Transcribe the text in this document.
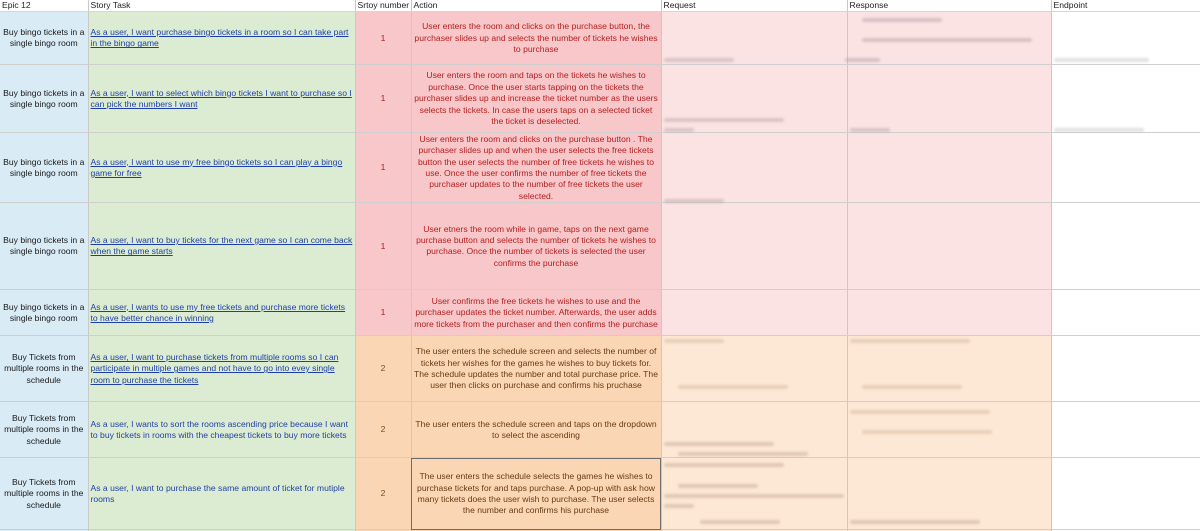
Epic 12	Story Task	Srtoy number	Action	Request	Response	Endpoint
Buy bingo tickets in a single bingo room	As a user, I want purchase bingo tickets in a room so I can take part in the bingo game	1	User enters the room and clicks on the purchase button, the purchaser slides up and selects the number of tickets he wishes to purchase			
Buy bingo tickets in a single bingo room	As a user, I want to select which bingo tickets I want to purchase so I can pick the numbers I want	1	User enters the room and taps on the tickets he wishes to purchase. Once the user starts tapping on the tickets the purchaser slides up and increase the ticket number as the users selects the tickets. In case the users taps on a selected ticket the ticket is deselected.			
Buy bingo tickets in a single bingo room	As a user, I want to use my free bingo tickets so I can play a bingo game for free	1	User enters the room and clicks on the purchase button . The purchaser slides up and when the user selects the free tickets button the user selects the number of free tickets he wishes to use. Once the user confirms the number of free tickets the purchaser updates to the number of free tickets the user selected.			
Buy bingo tickets in a single bingo room	As a user, I want to buy tickets for the next game so I can come back when the game starts	1	User etners the room while in game, taps on the next game purchase button and selects the number of tickets he wishes to purchase. Once the number of tickets is selected the user confirms the purchase			
Buy bingo tickets in a single bingo room	As a user, I wants to use my free tickets and purchase more tickets to have better chance in winning	1	User confirms the free tickets he wishes to use and the purchaser updates the ticket number. Afterwards, the user adds more tickets from the purchaser and then confirms the purchase			
Buy Tickets from multiple rooms in the schedule	As a user, I want to purchase tickets from multiple rooms so I can participate in multiple games and not have to go into evey single room to purchase the tickets	2	The user enters the schedule screen and selects the number of tickets her wishes for the games he wishes to buy tickets for. The schedule updates the number and total purchase price. The user then clicks on purchase and confirms his pruchase			
Buy Tickets from multiple rooms in the schedule	As a user, I wants to sort the rooms ascending price because I want to buy tickets in rooms with the cheapest tickets to buy more tickets	2	The user enters the schedule screen and taps on the dropdown to select the ascending			
Buy Tickets from multiple rooms in the schedule	As a user, I want to purchase the same amount of ticket for mutiple rooms	2	The user enters the schedule selects the games he wishes to purchase tickets for and taps purchase. A pop-up with ask how many tickets does the user wish to purchase. The user selects the number and confirms his purchase			
